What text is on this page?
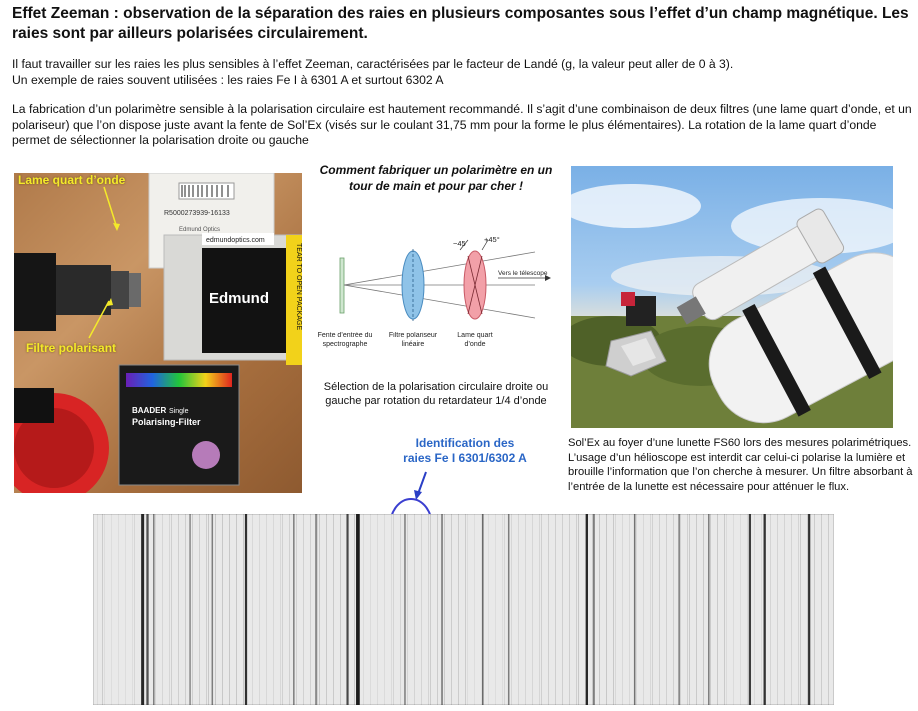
Effet Zeeman : observation de la séparation des raies en plusieurs composantes sous l’effet d’un champ magnétique. Les raies sont par ailleurs polarisées circulairement.
Il faut travailler sur les raies les plus sensibles à l’effet Zeeman, caractérisées par le facteur de Landé (g, la valeur peut aller de 0 à 3).
Un exemple de raies souvent utilisées : les raies Fe I à 6301 A et surtout 6302 A
La fabrication d’un polarimètre sensible à la polarisation circulaire est hautement recommandé. Il s’agit d’une combinaison de deux filtres (une lame quart d’onde, et un polariseur) que l’on dispose juste avant la fente de Sol’Ex (visés sur le coulant 31,75 mm pour la forme le plus élémentaires). La rotation de la lame quart d’onde permet de sélectionner la polarisation droite ou gauche
R5000273939-16133
Edmund Optics
edmundoptics.com
Edmund	TEAR TO OPEN PACKAGE
BAADER Single
Polarising-Filter
Lame quart d’onde
Filtre polarisant
Comment fabriquer un polarimètre en un tour de main et pour par cher !
−45 +45°
Vers le télescope
Fente d’entrée du spectrographe
Filtre polariseur linéaire
Lame quart d’onde
Sélection de la polarisation circulaire droite ou gauche par rotation du retardateur 1/4 d’onde
Sol’Ex au foyer d’une lunette FS60 lors des mesures polarimétriques. L’usage d’un hélioscope est interdit car celui-ci polarise la lumière et brouille l’information que l’on cherche à mesurer. Un filtre absorbant à l’entrée de la lunette est nécessaire pour atténuer le flux.
Identification des
raies Fe I 6301/6302 A
